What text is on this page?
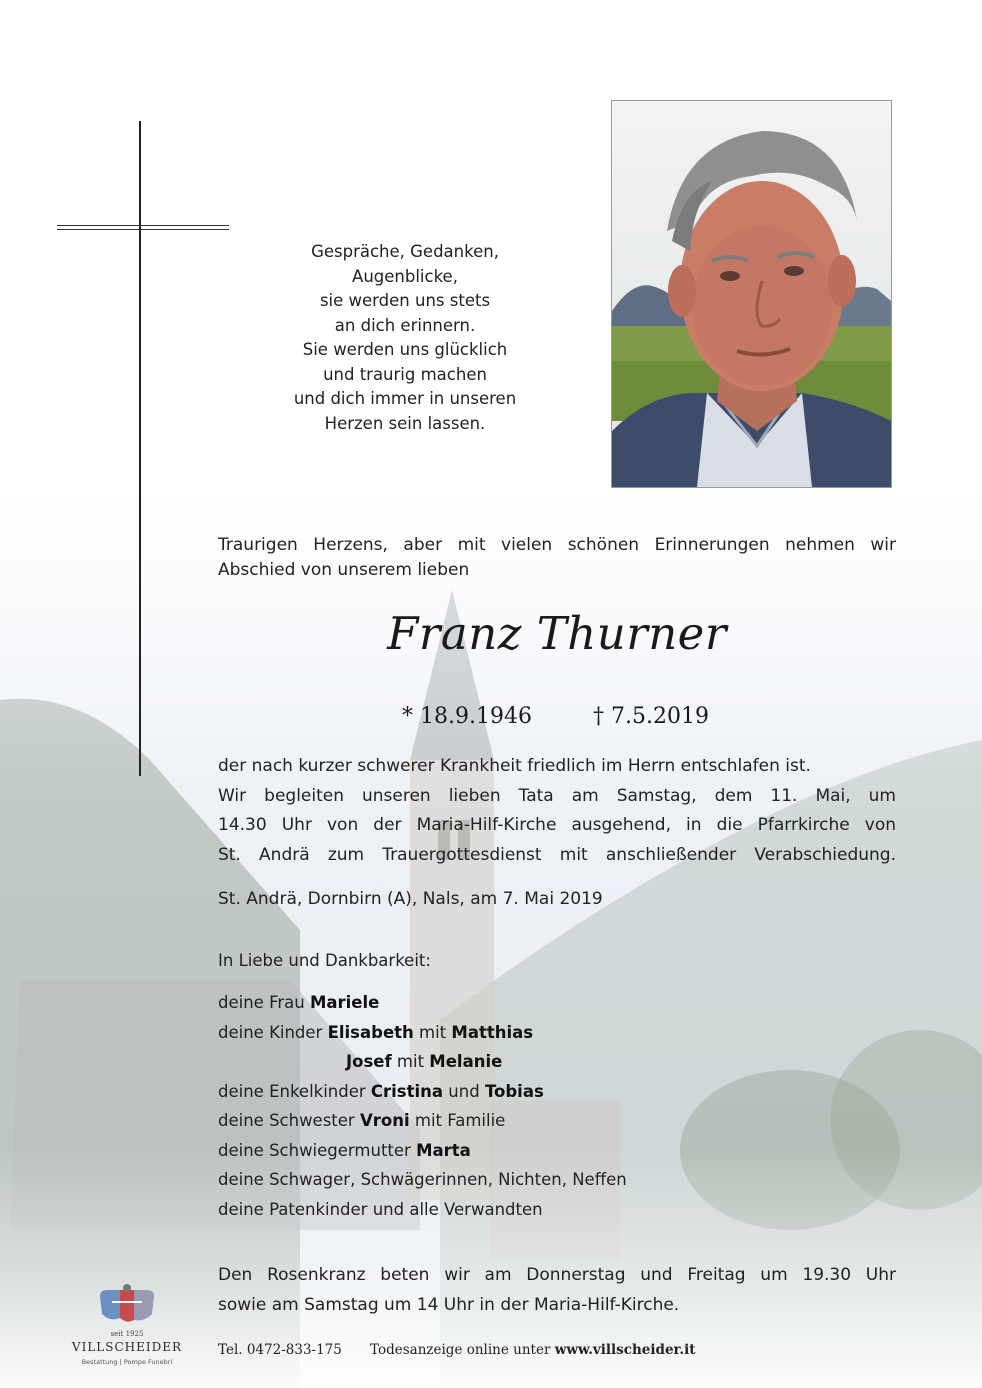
Gespräche, Gedanken,
Augenblicke,
sie werden uns stets
an dich erinnern.
Sie werden uns glücklich
und traurig machen
und dich immer in unseren
Herzen sein lassen.
Traurigen Herzens, aber mit vielen schönen Erinnerungen nehmen wir
Abschied von unserem lieben
Franz Thurner
* 18.9.1946	† 7.5.2019
der nach kurzer schwerer Krankheit friedlich im Herrn entschlafen ist.
Wir begleiten unseren lieben Tata am Samstag, dem 11. Mai, um
14.30 Uhr von der Maria-Hilf-Kirche ausgehend, in die Pfarrkirche von
St. Andrä zum Trauergottesdienst mit anschließender Verabschiedung.
St. Andrä, Dornbirn (A), Nals, am 7. Mai 2019
In Liebe und Dankbarkeit:
deine Frau Mariele
deine Kinder Elisabeth mit Matthias
Josef mit Melanie
deine Enkelkinder Cristina und Tobias
deine Schwester Vroni mit Familie
deine Schwiegermutter Marta
deine Schwager, Schwägerinnen, Nichten, Neffen
deine Patenkinder und alle Verwandten
Den Rosenkranz beten wir am Donnerstag und Freitag um 19.30 Uhr
sowie am Samstag um 14 Uhr in der Maria-Hilf-Kirche.
Tel. 0472-833-175 Todesanzeige online unter www.villscheider.it
seit 1925
VILLSCHEIDER
Bestattung | Pompe Funebri
